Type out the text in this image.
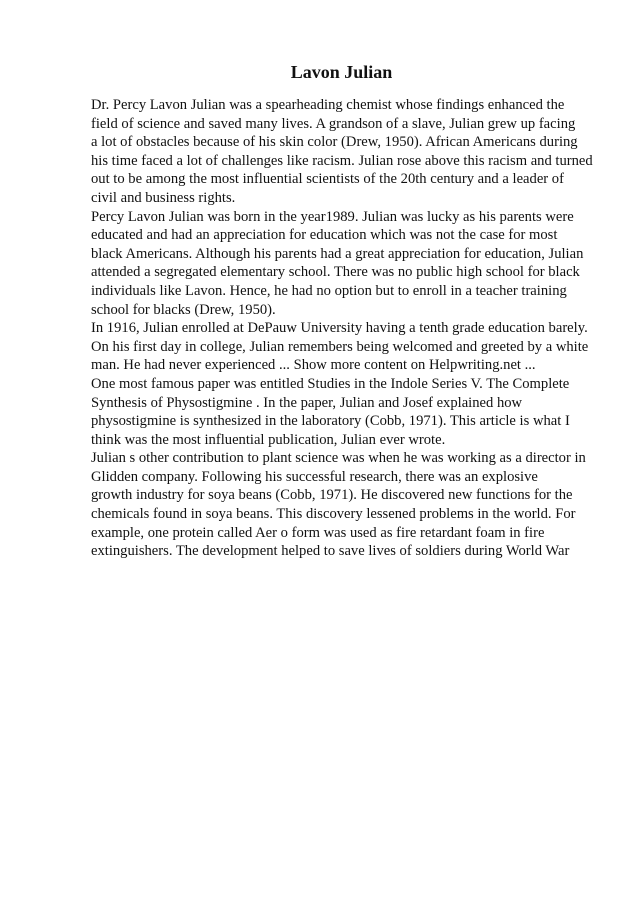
Lavon Julian
Dr. Percy Lavon Julian was a spearheading chemist whose findings enhanced the
field of science and saved many lives. A grandson of a slave, Julian grew up facing
a lot of obstacles because of his skin color (Drew, 1950). African Americans during
his time faced a lot of challenges like racism. Julian rose above this racism and turned
out to be among the most influential scientists of the 20th century and a leader of
civil and business rights.
Percy Lavon Julian was born in the year1989. Julian was lucky as his parents were
educated and had an appreciation for education which was not the case for most
black Americans. Although his parents had a great appreciation for education, Julian
attended a segregated elementary school. There was no public high school for black
individuals like Lavon. Hence, he had no option but to enroll in a teacher training
school for blacks (Drew, 1950).
In 1916, Julian enrolled at DePauw University having a tenth grade education barely.
On his first day in college, Julian remembers being welcomed and greeted by a white
man. He had never experienced ... Show more content on Helpwriting.net ...
One most famous paper was entitled Studies in the Indole Series V. The Complete
Synthesis of Physostigmine . In the paper, Julian and Josef explained how
physostigmine is synthesized in the laboratory (Cobb, 1971). This article is what I
think was the most influential publication, Julian ever wrote.
Julian s other contribution to plant science was when he was working as a director in
Glidden company. Following his successful research, there was an explosive
growth industry for soya beans (Cobb, 1971). He discovered new functions for the
chemicals found in soya beans. This discovery lessened problems in the world. For
example, one protein called Aer o form was used as fire retardant foam in fire
extinguishers. The development helped to save lives of soldiers during World War
